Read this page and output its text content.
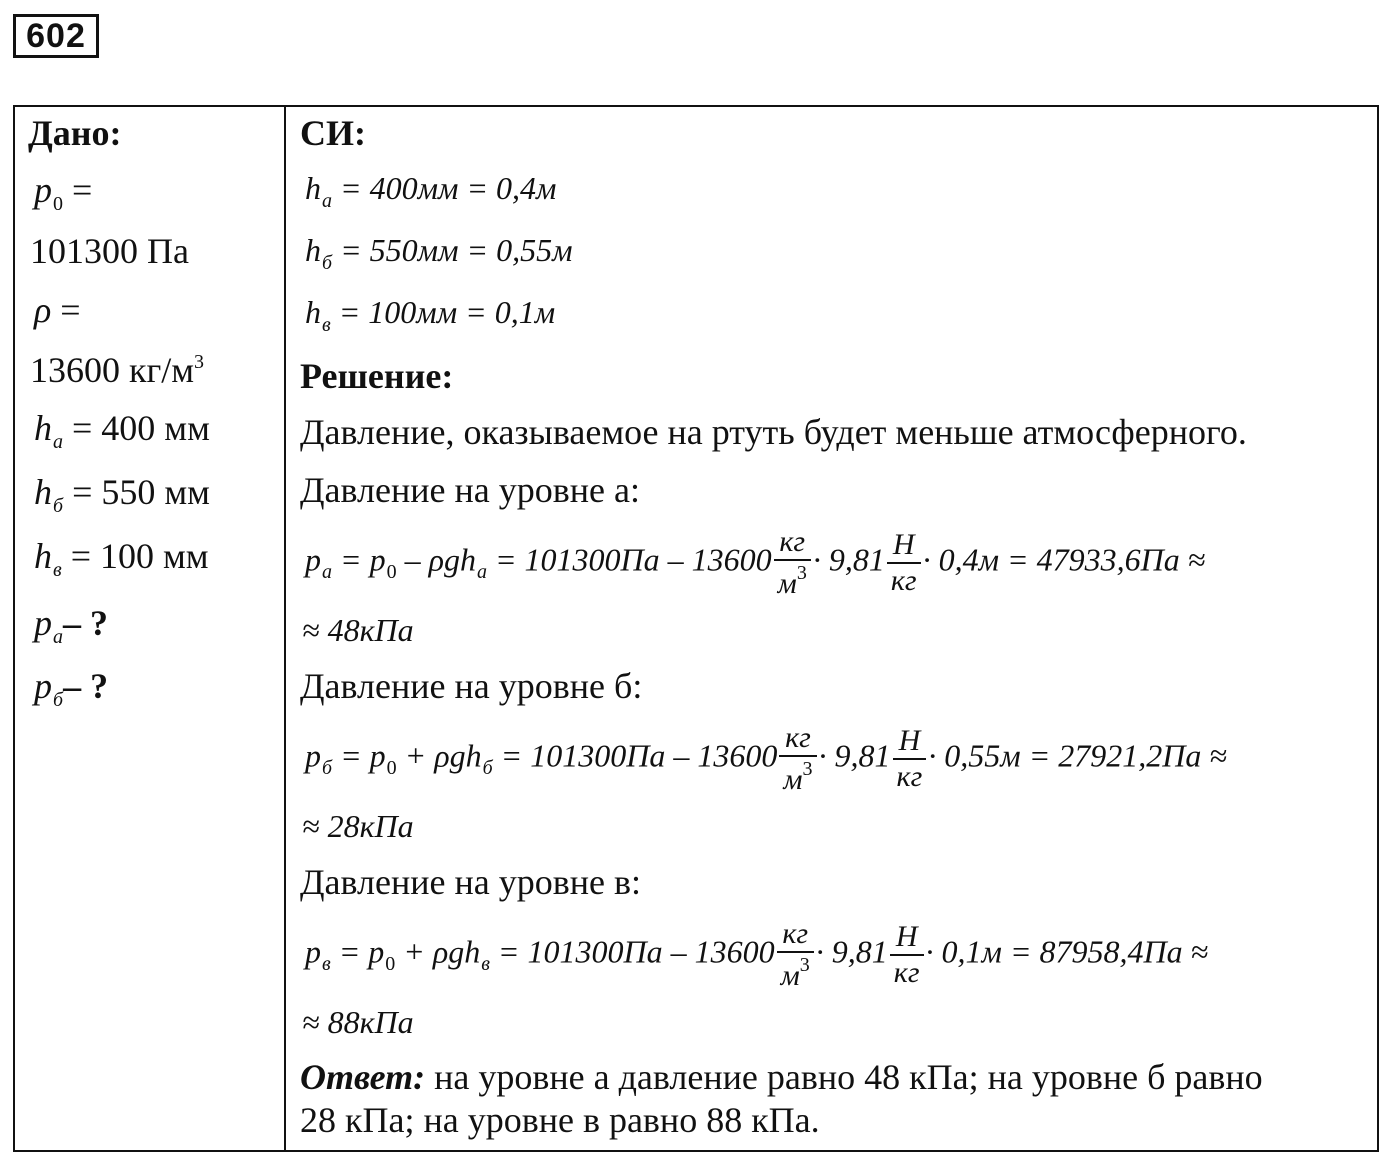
602
Дано:
$p_0$ =
101300 Па
ρ =
13600 $кг/м^3$
$h_а = 400$ мм
$h_б = 550$ мм
$h_в = 100$ мм
$p_а-$ ?
$p_б-$ ?
СИ:
$h_а = 400мм = 0,4м$
$h_б = 550мм = 0,55м$
$h_в = 100мм = 0,1м$
Решение:
Давление, оказываемое на ртуть будет меньше атмосферного.
Давление на уровне а:
$p_а = p_0 - \rho gh_а = 101300Па - 13600 \frac{кг}{м^3} \cdot 9,81 \frac{Н}{кг} \cdot 0,4м = 47933,6Па$ ≈
≈ 48кПа
Давление на уровне б:
$p_б = p_0 + \rho gh_б = 101300Па - 13600 \frac{кг}{м^3} \cdot 9,81 \frac{Н}{кг} \cdot 0,55м = 27921,2Па$ ≈
≈ 28кПа
Давление на уровне в:
$p_в = p_0 + \rho gh_в = 101300Па - 13600 \frac{кг}{м^3} \cdot 9,81 \frac{Н}{кг} \cdot 0,1м = 87958,4Па$ ≈
≈ 88кПа
Ответ: на уровне а давление равно 48 кПа; на уровне б равно
28 кПа; на уровне в равно 88 кПа.
